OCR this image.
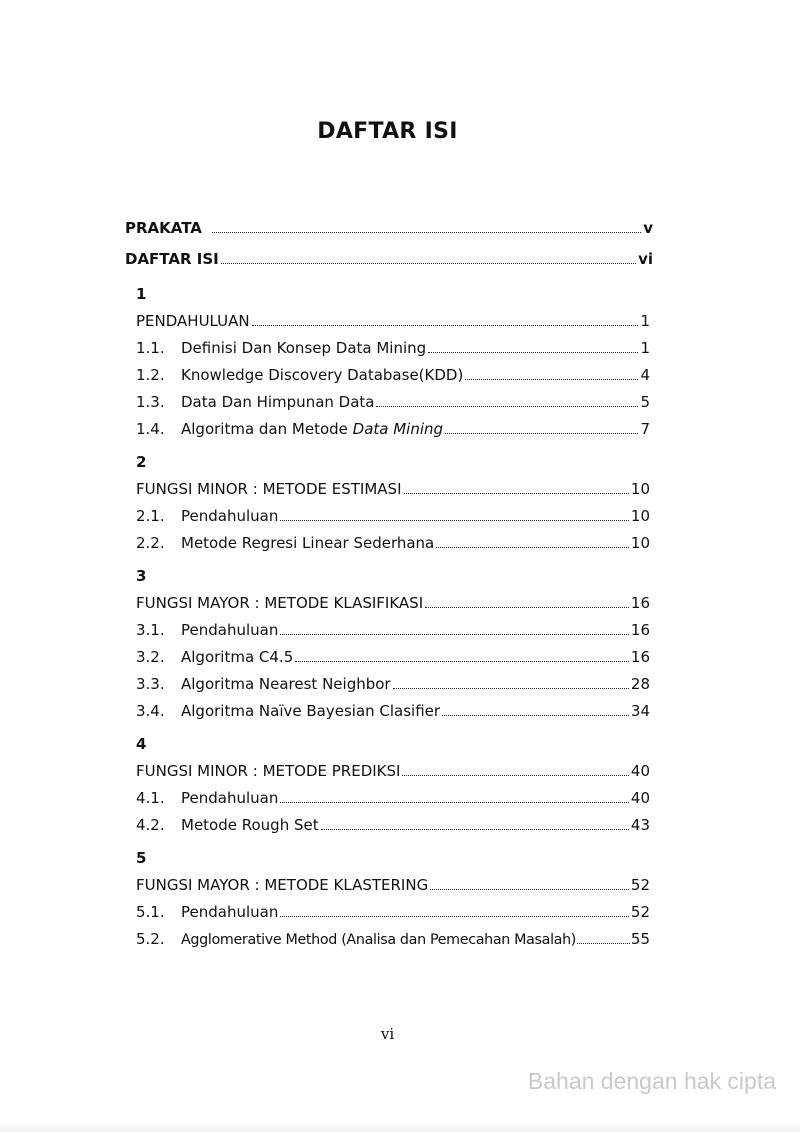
DAFTAR ISI
PRAKATA	v
DAFTAR ISI	vi
1
PENDAHULUAN	1
1.1.	Definisi Dan Konsep Data Mining	1
1.2.	Knowledge Discovery Database(KDD)	4
1.3.	Data Dan Himpunan Data	5
1.4.	Algoritma dan Metode Data Mining	7
2
FUNGSI MINOR : METODE ESTIMASI	10
2.1.	Pendahuluan	10
2.2.	Metode Regresi Linear Sederhana	10
3
FUNGSI MAYOR : METODE KLASIFIKASI	16
3.1.	Pendahuluan	16
3.2.	Algoritma C4.5	16
3.3.	Algoritma Nearest Neighbor	28
3.4.	Algoritma Naïve Bayesian Clasifier	34
4
FUNGSI MINOR : METODE PREDIKSI	40
4.1.	Pendahuluan	40
4.2.	Metode Rough Set	43
5
FUNGSI MAYOR : METODE KLASTERING	52
5.1.	Pendahuluan	52
5.2.	Agglomerative Method (Analisa dan Pemecahan Masalah)	55
vi
Bahan dengan hak cipta
